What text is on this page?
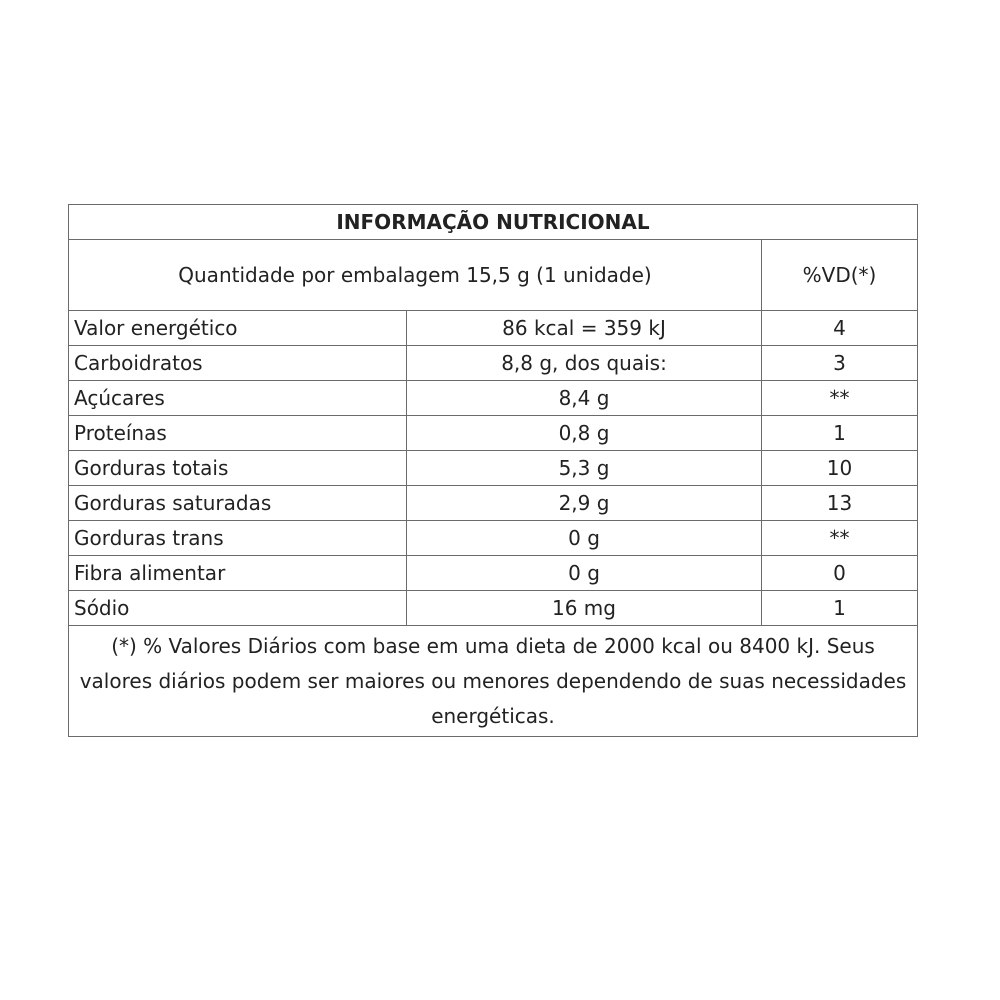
INFORMAÇÃO NUTRICIONAL		
Quantidade por embalagem 15,5 g (1 unidade)		%VD(*)
Valor energético	86 kcal = 359 kJ	4
Carboidratos	8,8 g, dos quais:	3
Açúcares	8,4 g	**
Proteínas	0,8 g	1
Gorduras totais	5,3 g	10
Gorduras saturadas	2,9 g	13
Gorduras trans	0 g	**
Fibra alimentar	0 g	0
Sódio	16 mg	1
(*) % Valores Diários com base em uma dieta de 2000 kcal ou 8400 kJ. Seus valores diários podem ser maiores ou menores dependendo de suas necessidades energéticas.		
